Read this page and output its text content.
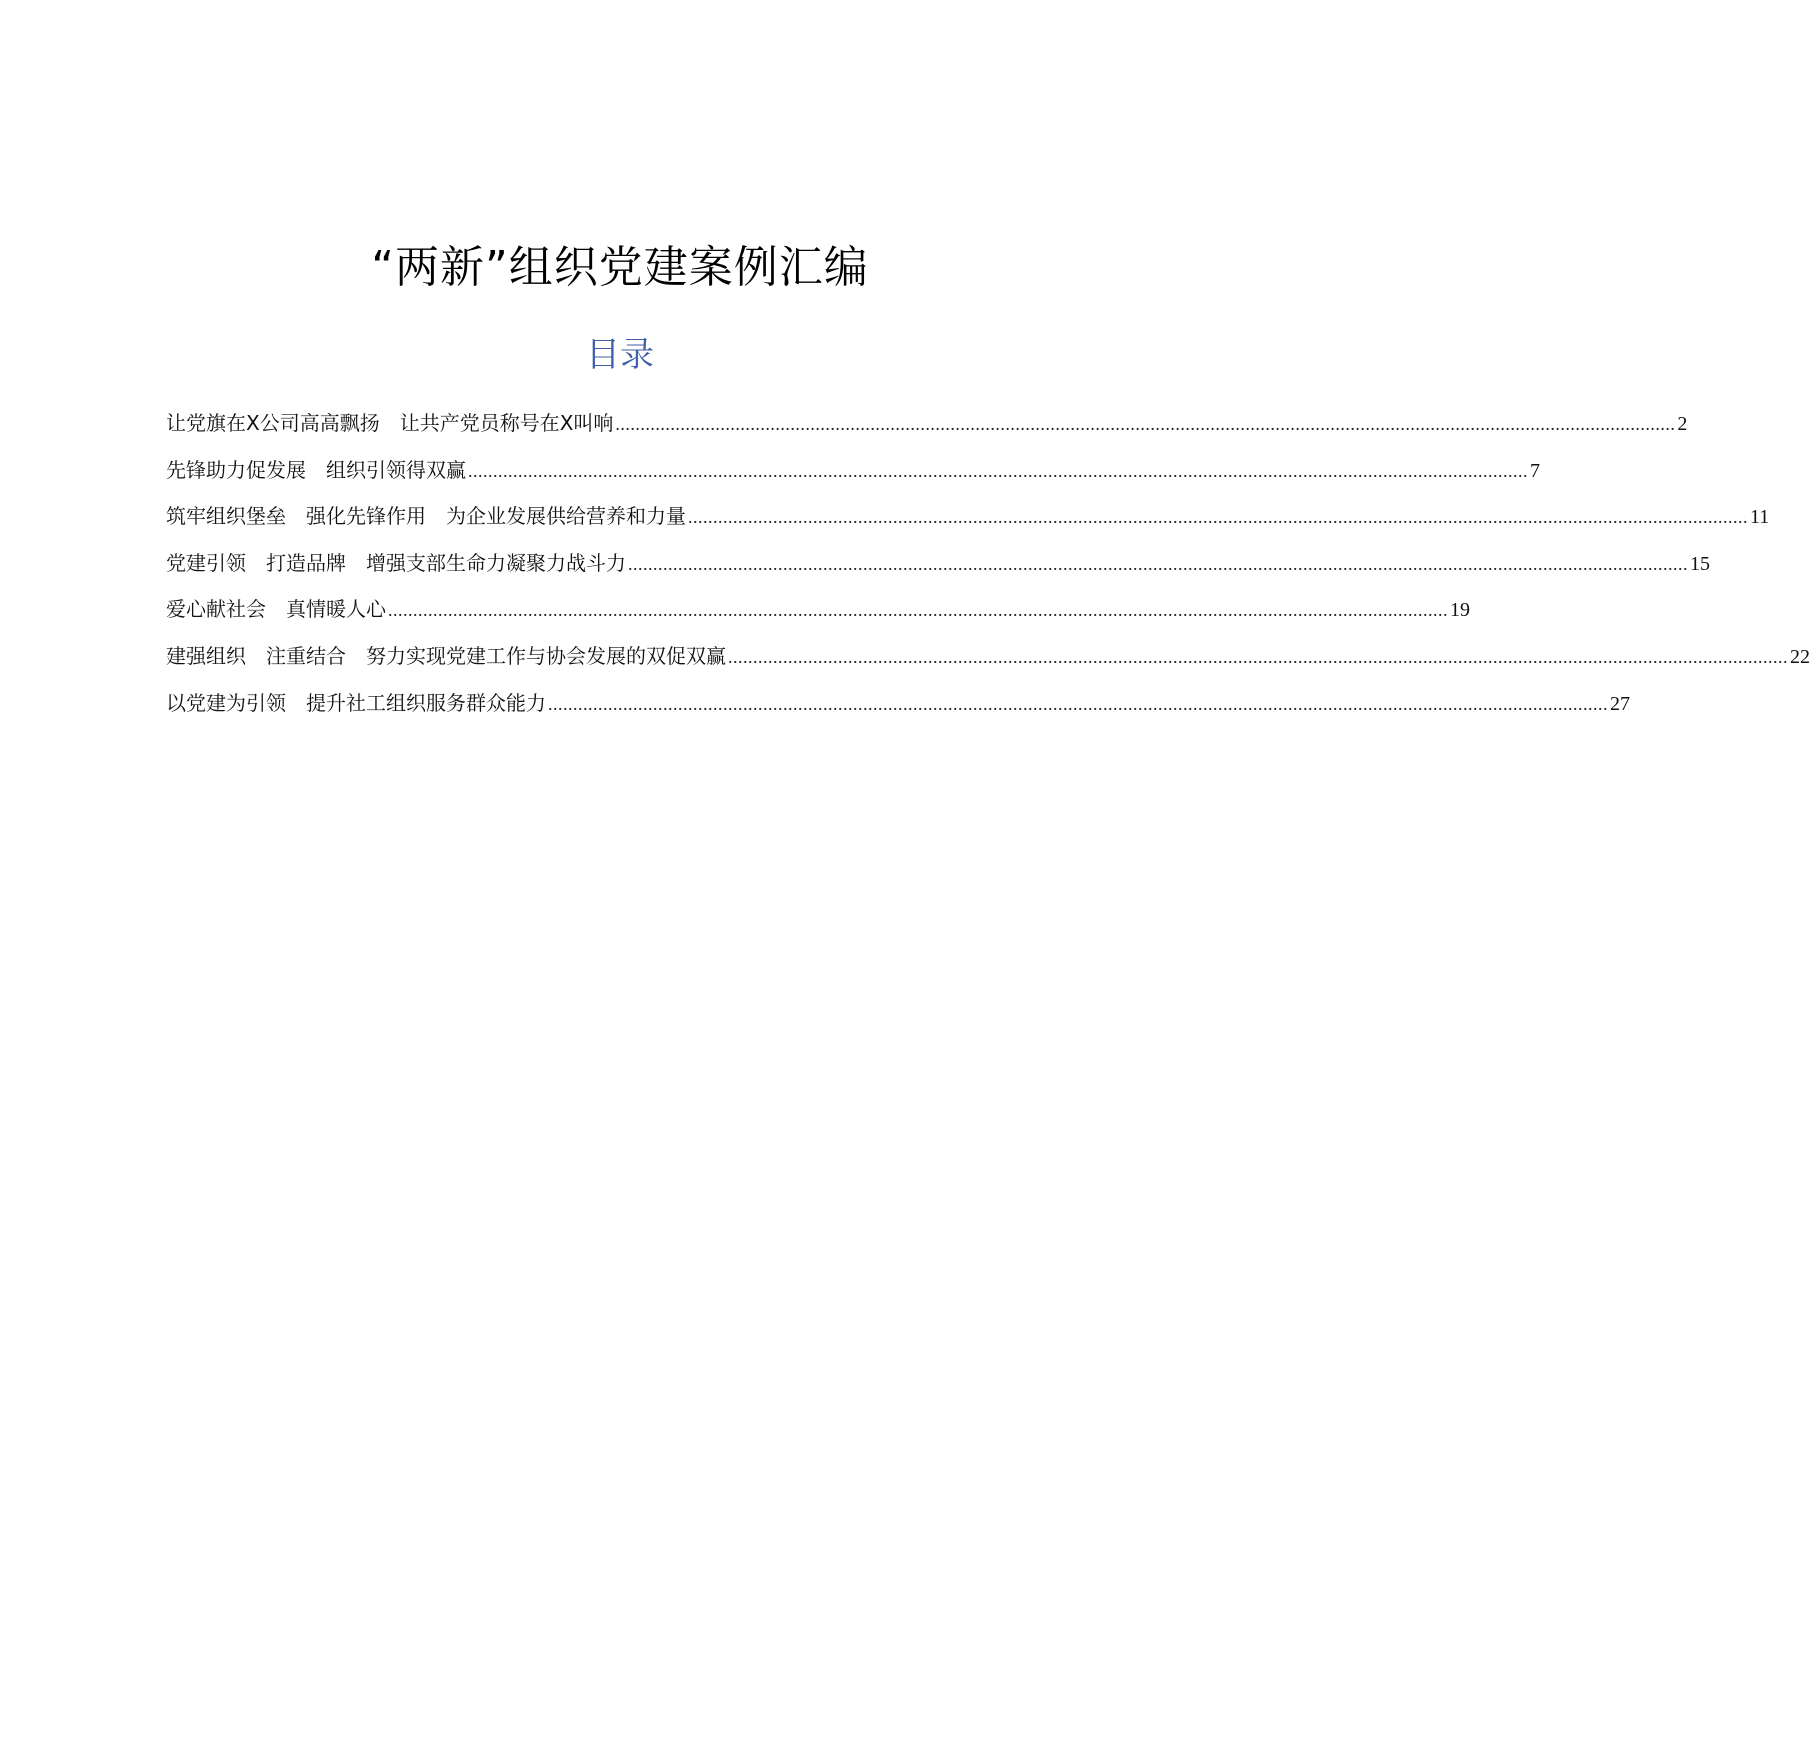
“两新”组织党建案例汇编
目录
让党旗在X公司高高飘扬　让共产党员称号在X叫响 .................................................................................................................................................................................................................... 2
先锋助力促发展　组织引领得双赢 .................................................................................................................................................................................................................... 7
筑牢组织堡垒　强化先锋作用　为企业发展供给营养和力量 .................................................................................................................................................................................................................... 11
党建引领　打造品牌　增强支部生命力凝聚力战斗力 .................................................................................................................................................................................................................... 15
爱心献社会　真情暖人心 .................................................................................................................................................................................................................... 19
建强组织　注重结合　努力实现党建工作与协会发展的双促双赢 .................................................................................................................................................................................................................... 22
以党建为引领　提升社工组织服务群众能力 .................................................................................................................................................................................................................... 27
